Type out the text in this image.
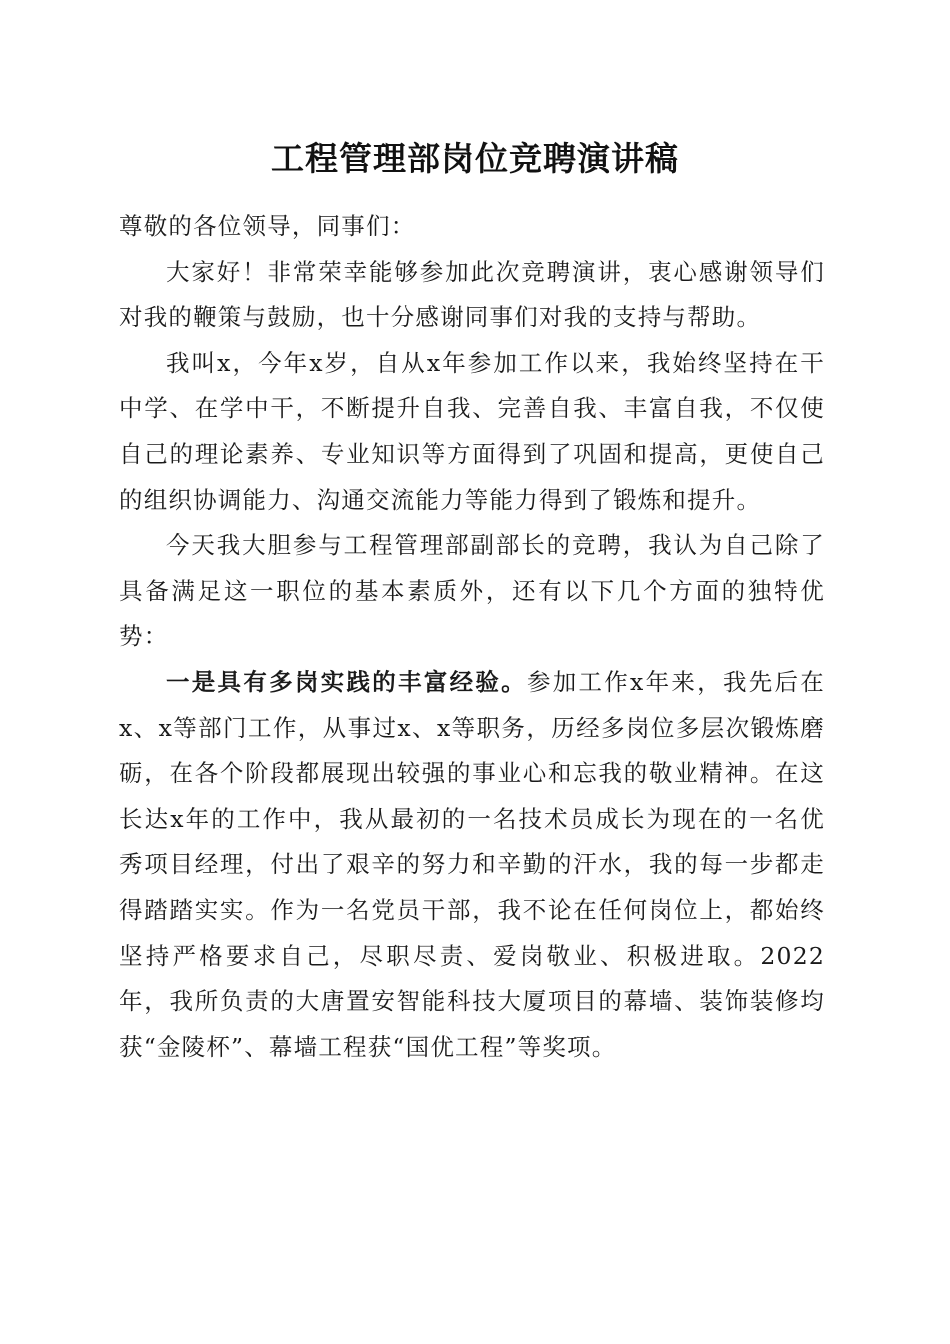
工程管理部岗位竞聘演讲稿

尊敬的各位领导，同事们：

大家好！非常荣幸能够参加此次竞聘演讲，衷心感谢领导们对我的鞭策与鼓励，也十分感谢同事们对我的支持与帮助。

我叫x，今年x岁，自从x年参加工作以来，我始终坚持在干中学、在学中干，不断提升自我、完善自我、丰富自我，不仅使自己的理论素养、专业知识等方面得到了巩固和提高，更使自己的组织协调能力、沟通交流能力等能力得到了锻炼和提升。

今天我大胆参与工程管理部副部长的竞聘，我认为自己除了具备满足这一职位的基本素质外，还有以下几个方面的独特优势：

一是具有多岗实践的丰富经验。参加工作x年来，我先后在x、x等部门工作，从事过x、x等职务，历经多岗位多层次锻炼磨砺，在各个阶段都展现出较强的事业心和忘我的敬业精神。在这长达x年的工作中，我从最初的一名技术员成长为现在的一名优秀项目经理，付出了艰辛的努力和辛勤的汗水，我的每一步都走得踏踏实实。作为一名党员干部，我不论在任何岗位上，都始终坚持严格要求自己，尽职尽责、爱岗敬业、积极进取。2022年，我所负责的大唐置安智能科技大厦项目的幕墙、装饰装修均获“金陵杯”、幕墙工程获“国优工程”等奖项。
